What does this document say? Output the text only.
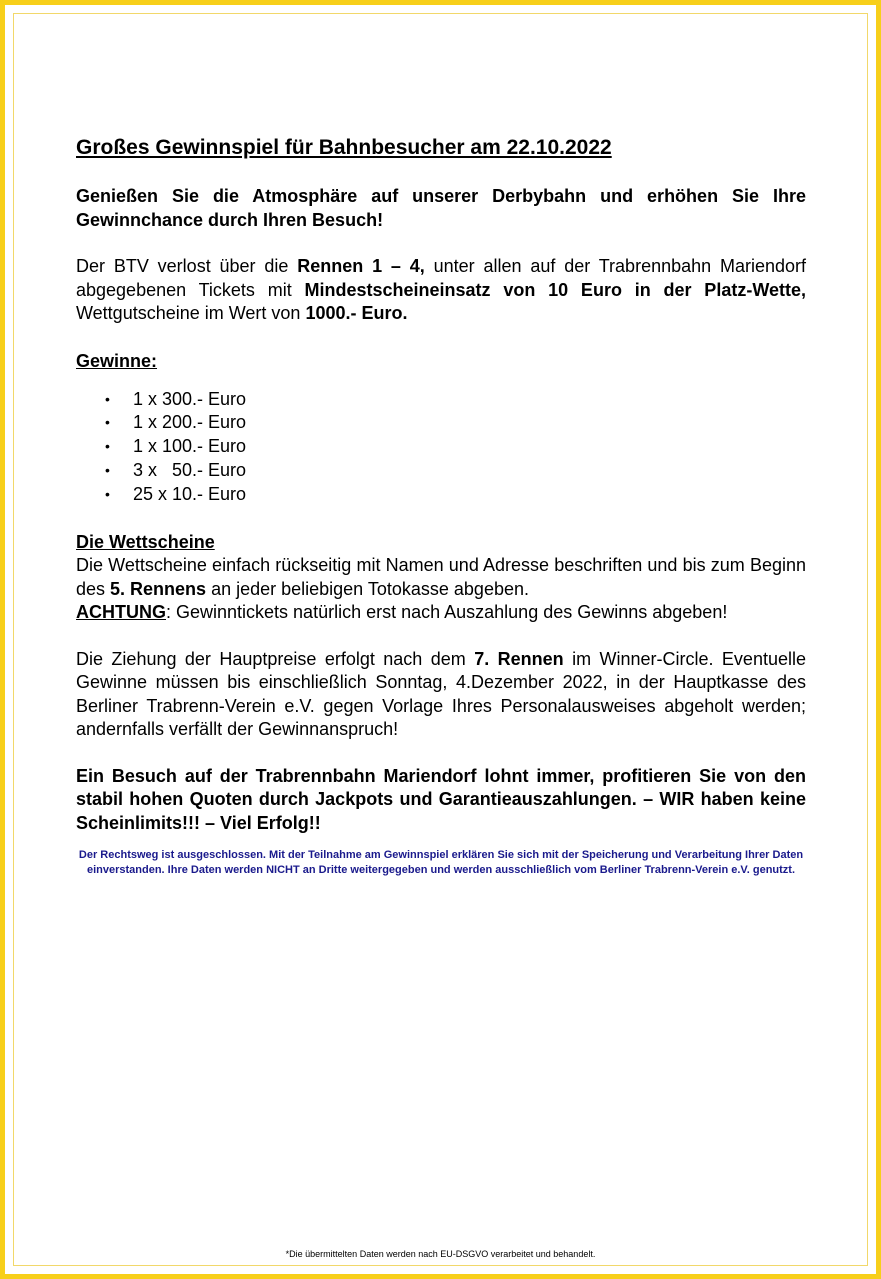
Großes Gewinnspiel für Bahnbesucher am 22.10.2022

Genießen Sie die Atmosphäre auf unserer Derbybahn und erhöhen Sie Ihre Gewinnchance durch Ihren Besuch!

Der BTV verlost über die Rennen 1 – 4, unter allen auf der Trabrennbahn Mariendorf abgegebenen Tickets mit Mindestscheineinsatz von 10 Euro in der Platz-Wette, Wettgutscheine im Wert von 1000.- Euro.

Gewinne:
• 1 x 300.- Euro
• 1 x 200.- Euro
• 1 x 100.- Euro
• 3 x   50.- Euro
• 25 x 10.- Euro
Die Wettscheine

Die Wettscheine einfach rückseitig mit Namen und Adresse beschriften und bis zum Beginn des 5. Rennens an jeder beliebigen Totokasse abgeben.

ACHTUNG: Gewinntickets natürlich erst nach Auszahlung des Gewinns abgeben!

Die Ziehung der Hauptpreise erfolgt nach dem 7. Rennen im Winner-Circle. Eventuelle Gewinne müssen bis einschließlich Sonntag, 4.Dezember 2022, in der Hauptkasse des Berliner Trabrenn-Verein e.V. gegen Vorlage Ihres Personalausweises abgeholt werden; andernfalls verfällt der Gewinnanspruch!

Ein Besuch auf der Trabrennbahn Mariendorf lohnt immer, profitieren Sie von den stabil hohen Quoten durch Jackpots und Garantieauszahlungen. – WIR haben keine Scheinlimits!!! – Viel Erfolg!!

Der Rechtsweg ist ausgeschlossen. Mit der Teilnahme am Gewinnspiel erklären Sie sich mit der Speicherung und Verarbeitung Ihrer Daten einverstanden. Ihre Daten werden NICHT an Dritte weitergegeben und werden ausschließlich vom Berliner Trabrenn-Verein e.V. genutzt.
*Die übermittelten Daten werden nach EU-DSGVO verarbeitet und behandelt.
